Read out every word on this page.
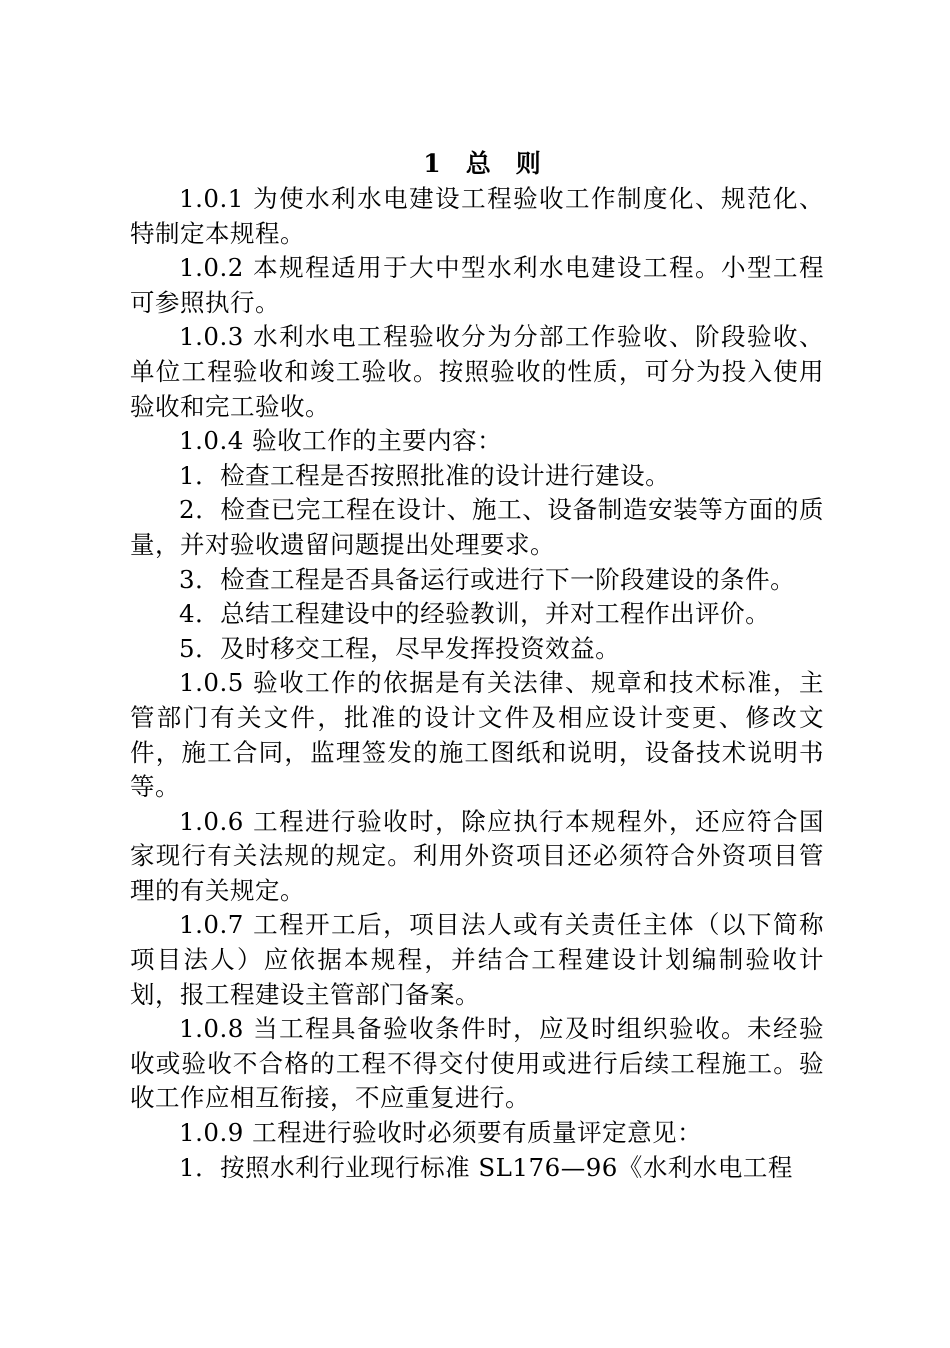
1　总　则

1.0.1 为使水利水电建设工程验收工作制度化、规范化、特制定本规程。

1.0.2 本规程适用于大中型水利水电建设工程。小型工程可参照执行。

1.0.3 水利水电工程验收分为分部工作验收、阶段验收、单位工程验收和竣工验收。按照验收的性质，可分为投入使用验收和完工验收。

1.0.4 验收工作的主要内容：

1．检查工程是否按照批准的设计进行建设。

2．检查已完工程在设计、施工、设备制造安装等方面的质量，并对验收遗留问题提出处理要求。

3．检查工程是否具备运行或进行下一阶段建设的条件。

4．总结工程建设中的经验教训，并对工程作出评价。

5．及时移交工程，尽早发挥投资效益。

1.0.5 验收工作的依据是有关法律、规章和技术标准，主管部门有关文件，批准的设计文件及相应设计变更、修改文件，施工合同，监理签发的施工图纸和说明，设备技术说明书等。

1.0.6 工程进行验收时，除应执行本规程外，还应符合国家现行有关法规的规定。利用外资项目还必须符合外资项目管理的有关规定。

1.0.7 工程开工后，项目法人或有关责任主体（以下简称项目法人）应依据本规程，并结合工程建设计划编制验收计划，报工程建设主管部门备案。

1.0.8 当工程具备验收条件时，应及时组织验收。未经验收或验收不合格的工程不得交付使用或进行后续工程施工。验收工作应相互衔接，不应重复进行。

1.0.9 工程进行验收时必须要有质量评定意见：

1．按照水利行业现行标准 SL176—96《水利水电工程
